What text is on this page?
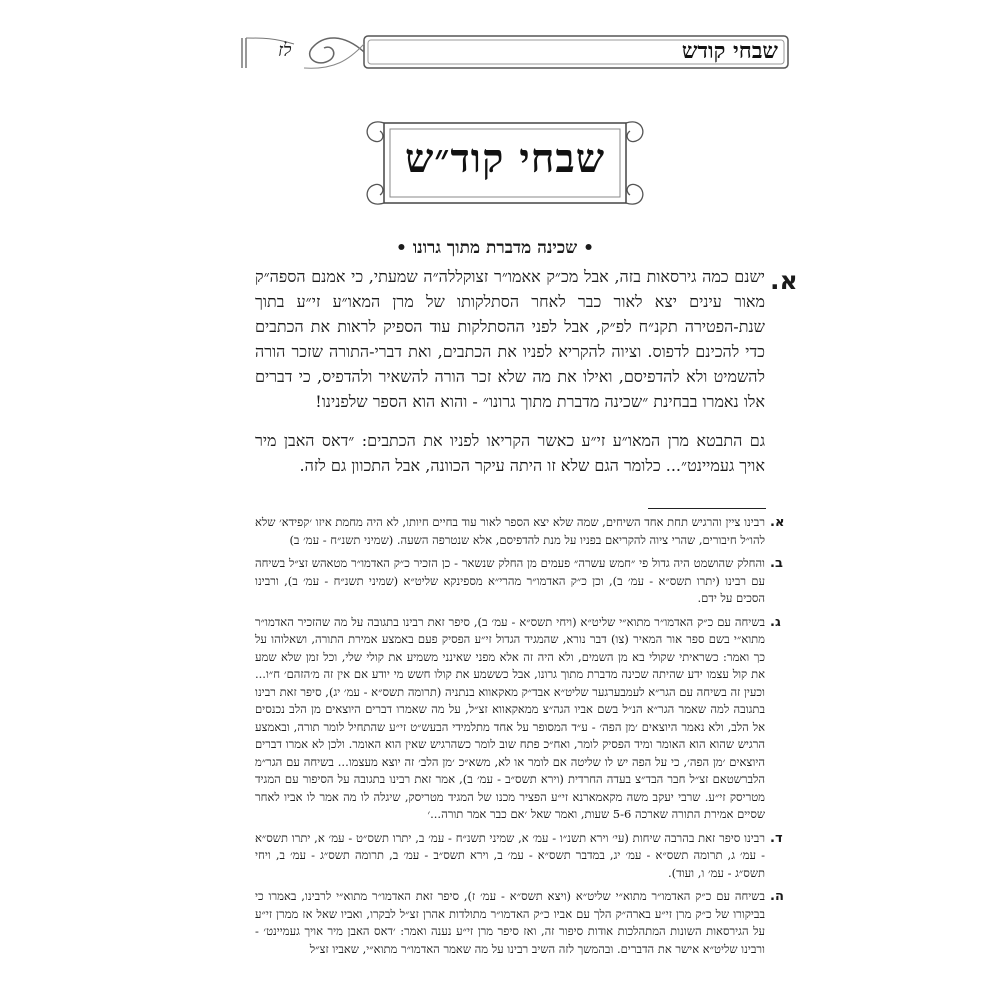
שבחי קודש
לז
שבחי קוד״ש
• שכינה מדברת מתוך גרונו •
א.

ישנם כמה גירסאות בזה, אבל מכ״ק אאמו״ר זצוקללה״ה שמעתי, כי אמנם הספה״ק מאור עינים יצא לאור כבר לאחר הסתלקותו של מרן המאו״ע זי״ע בתוך שנת-הפטירה תקנ״ח לפ״ק, אבל לפני ההסתלקות עוד הספיק לראות את הכתבים כדי להכינם לדפוס. וציוה להקריא לפניו את הכתבים, ואת דברי-התורה שזכר הורה להשמיט ולא להדפיסם, ואילו את מה שלא זכר הורה להשאיר ולהדפיס, כי דברים אלו נאמרו בבחינת ״שכינה מדברת מתוך גרונו״ - והוא הוא הספר שלפנינו!

גם התבטא מרן המאו״ע זי״ע כאשר הקריאו לפניו את הכתבים: ״דאס האבן מיר אויך געמיינט״... כלומר הגם שלא זו היתה עיקר הכוונה, אבל התכוון גם לזה.

א.
רבינו ציין והרגיש תחת אחד השיחים, שמה שלא יצא הספר לאור עוד בחיים חיותו, לא היה מחמת איזו ׳קפידא׳ שלא להו״ל חיבורים, שהרי ציוה להקריאם בפניו על מנת להדפיסם, אלא שנטרפה השעה. (שמיני תשנ״ח - עמ׳ ב)
ב.
והחלק שהושמט היה גדול פי ״חמש עשרה״ פעמים מן החלק שנשאר - כן הזכיר כ״ק האדמו״ר מטאהש זצ״ל בשיחה עם רבינו (יתרו תשס״א - עמ׳ ב), וכן כ״ק האדמו״ר מהרי״א מספינקא שליט״א (שמיני תשנ״ח - עמ׳ ב), ורבינו הסכים על ידם.
ג.
בשיחה עם כ״ק האדמו״ר מתוא״י שליט״א (ויחי תשס״א - עמ׳ ב), סיפר זאת רבינו בתגובה על מה שהזכיר האדמו״ר מתוא״י בשם ספר אור המאיר (צו) דבר נורא, שהמגיד הגדול זי״ע הפסיק פעם באמצע אמירת התורה, ושאלוהו על כך ואמר: כשראיתי שקולי בא מן השמים, ולא היה זה אלא מפני שאינני משמיע את קולי שלי, וכל זמן שלא שמע את קול עצמו ידע שהיתה שכינה מדברת מתוך גרונו, אבל כששמע את קולו חשש מי יודע אם אין זה מ׳הזהם׳ ח״ו... וכעין זה בשיחה עם הגר״א לעמבערגער שליט״א אבד״ק מאקאווא בנתניה (תרומה תשס״א - עמ׳ יג), סיפר זאת רבינו בתגובה למה שאמר הגר״א הנ״ל בשם אביו הגה״צ ממאקאווא זצ״ל, על מה שאמרו דברים היוצאים מן הלב נכנסים אל הלב, ולא נאמר היוצאים ׳מן הפה׳ - ע״ד המסופר על אחד מתלמידי הבעש״ט זי״ע שהתחיל לומר תורה, ובאמצע הרגיש שהוא הוא האומר ומיד הפסיק לומר, ואח״כ פתח שוב לומר כשהרגיש שאין הוא האומר. ולכן לא אמרו דברים היוצאים ׳מן הפה׳, כי על הפה יש לו שליטה אם לומר או לא, משא״כ ׳מן הלב׳ זה יוצא מעצמו... בשיחה עם הגר״מ הלברשטאם זצ״ל חבר הבד״צ בעדה החרדית (וירא תשס״ב - עמ׳ ב), אמר זאת רבינו בתגובה על הסיפור עם המגיד מטריסק זי״ע. שרבי יעקב משה מקאמארנא זי״ע הפציר מכנו של המגיד מטריסק, שיגלה לו מה אמר לו אביו לאחר שסיים אמירת התורה שארכה 5-6 שעות, ואמר שאל ׳אם כבר אמר תורה...׳
ד.
רבינו סיפר זאת בהרבה שיחות (עי׳ וירא תשנ״ו - עמ׳ א, שמיני תשנ״ח - עמ׳ ב, יתרו תשס״ט - עמ׳ א, יתרו תשס״א - עמ׳ ג, תרומה תשס״א - עמ׳ יג, במדבר תשס״א - עמ׳ ב, וירא תשס״ב - עמ׳ ב, תרומה תשס״ג - עמ׳ ב, ויחי תשס״ג - עמ׳ ו, ועוד).
ה.
בשיחה עם כ״ק האדמו״ר מתוא״י שליט״א (ויצא תשס״א - עמ׳ ז), סיפר זאת האדמו״ר מתוא״י לרבינו, באמרו כי בביקורו של כ״ק מרן זי״ע בארה״ק הלך עם אביו כ״ק האדמו״ר מתולדות אהרן זצ״ל לבקרו, ואביו שאל אז ממרן זי״ע על הגירסאות השונות המתהלכות אודות סיפור זה, ואז סיפר מרן זי״ע נענה ואמר: ׳דאס האבן מיר אויך געמיינט׳ - ורבינו שליט״א אישר את הדברים. ובהמשך לזה השיב רבינו על מה שאמר האדמו״ר מתוא״י, שאביו זצ״ל
